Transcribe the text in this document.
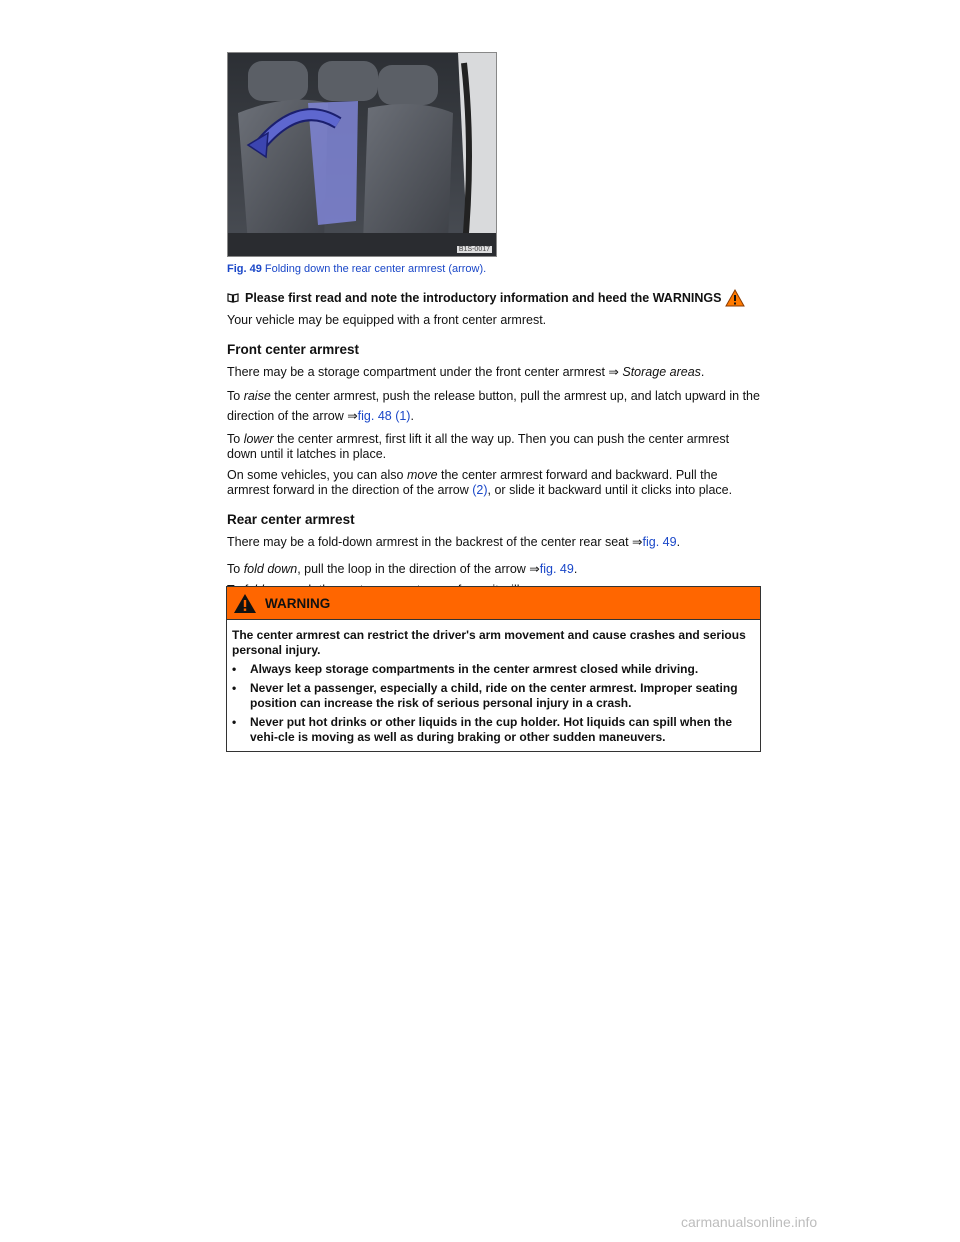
B1S-0017
Fig. 49 Folding down the rear center armrest (arrow).
Please first read and note the introductory information and heed the WARNINGS

Your vehicle may be equipped with a front center armrest.

Front center armrest

There may be a storage compartment under the front center armrest ⇒ Storage areas.

To raise the center armrest, push the release button, pull the armrest up, and latch upward in the direction of the arrow ⇒fig. 48 (1).

To lower the center armrest, first lift it all the way up. Then you can push the center armrest down until it latches in place.

On some vehicles, you can also move the center armrest forward and backward. Pull the armrest forward in the direction of the arrow (2), or slide it backward until it clicks into place.

Rear center armrest

There may be a fold-down armrest in the backrest of the center rear seat ⇒fig. 49.

To fold down, pull the loop in the direction of the arrow ⇒fig. 49.

WARNING

The center armrest can restrict the driver's arm movement and cause crashes and serious personal injury.

•	Always keep storage compartments in the center armrest closed while driving.

•	Never let a passenger, especially a child, ride on the center armrest. Improper seating position can increase the risk of serious personal injury in a crash.

•	Never put hot drinks or other liquids in the cup holder. Hot liquids can spill when the vehi-cle is moving as well as during braking or other sudden maneuvers.

carmanualsonline.info
